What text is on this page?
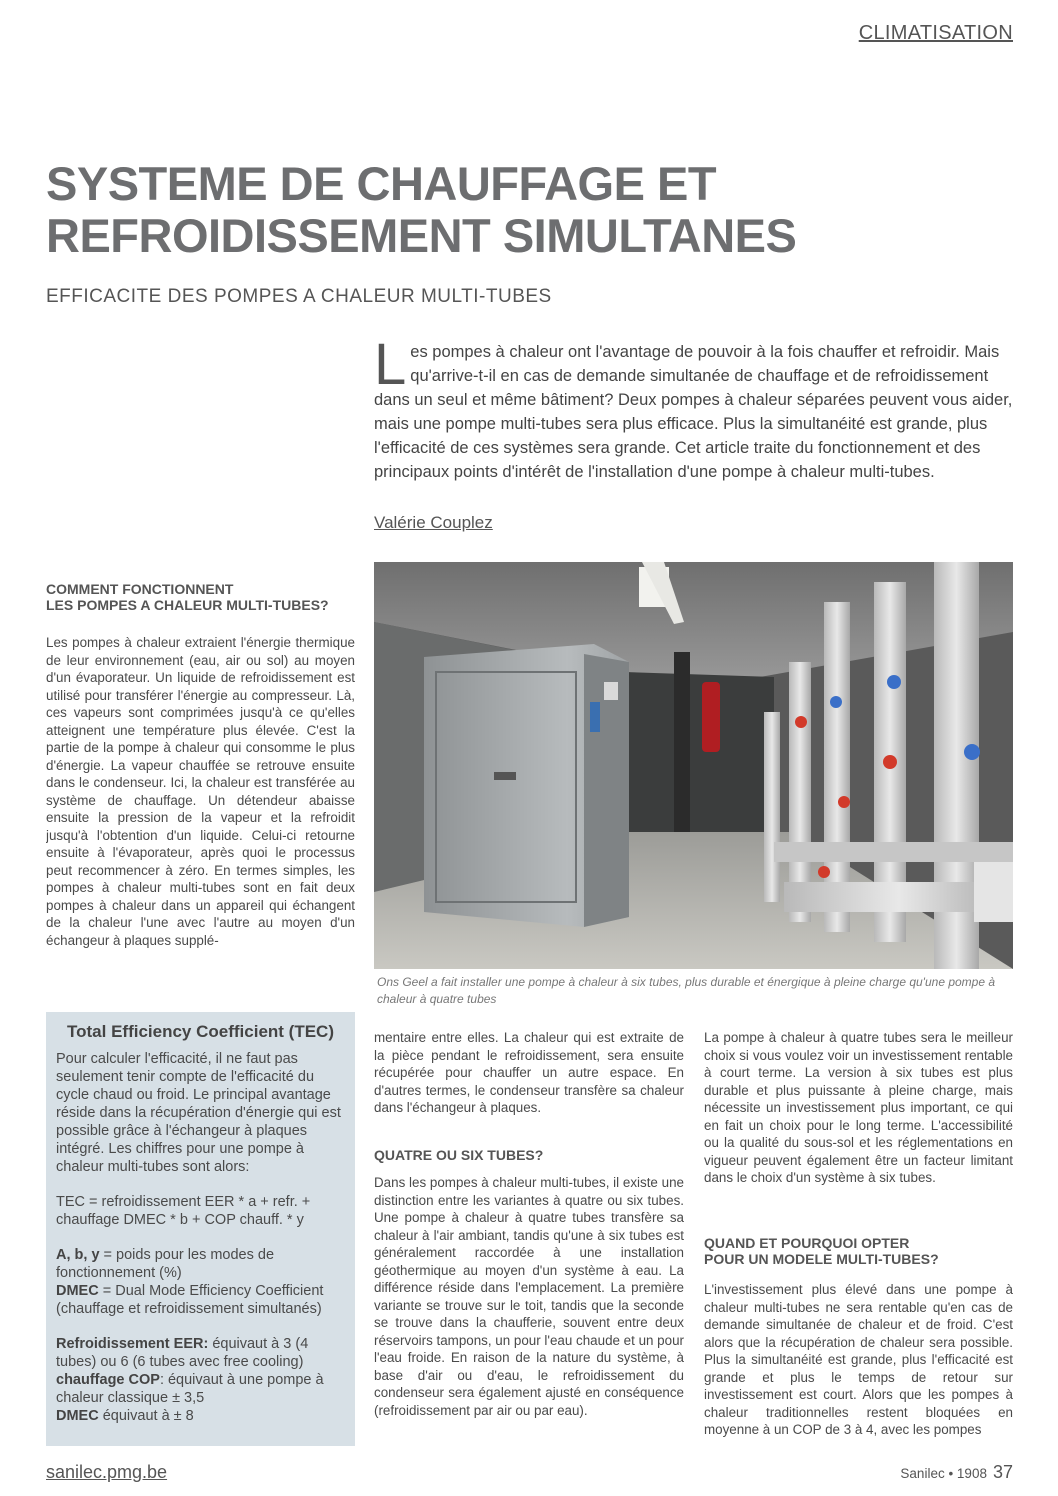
CLIMATISATION
SYSTEME DE CHAUFFAGE ET
REFROIDISSEMENT SIMULTANES
EFFICACITE DES POMPES A CHALEUR MULTI-TUBES
L es pompes à chaleur ont l'avantage de pouvoir à la fois chauffer et refroidir. Mais qu'arrive-t-il en cas de demande simultanée de chauffage et de refroidissement dans un seul et même bâtiment? Deux pompes à chaleur séparées peuvent vous aider, mais une pompe multi-tubes sera plus efficace. Plus la simultanéité est grande, plus l'efficacité de ces systèmes sera grande. Cet article traite du fonctionnement et des principaux points d'intérêt de l'installation d'une pompe à chaleur multi-tubes.
Valérie Couplez
COMMENT FONCTIONNENT
LES POMPES A CHALEUR MULTI-TUBES?
Les pompes à chaleur extraient l'énergie thermique de leur environnement (eau, air ou sol) au moyen d'un évaporateur. Un liquide de refroidissement est utilisé pour transférer l'énergie au compresseur. Là, ces vapeurs sont comprimées jusqu'à ce qu'elles atteignent une température plus élevée. C'est la partie de la pompe à chaleur qui consomme le plus d'énergie. La vapeur chauffée se retrouve ensuite dans le condenseur. Ici, la chaleur est transférée au système de chauffage. Un détendeur abaisse ensuite la pression de la vapeur et la refroidit jusqu'à l'obtention d'un liquide. Celui-ci retourne ensuite à l'évaporateur, après quoi le processus peut recommencer à zéro. En termes simples, les pompes à chaleur multi-tubes sont en fait deux pompes à chaleur dans un appareil qui échangent de la chaleur l'une avec l'autre au moyen d'un échangeur à plaques supplé-
Ons Geel a fait installer une pompe à chaleur à six tubes, plus durable et énergique à pleine charge qu'une pompe à chaleur à quatre tubes
Total Efficiency Coefficient (TEC)

Pour calculer l'efficacité, il ne faut pas seulement tenir compte de l'efficacité du cycle chaud ou froid. Le principal avantage réside dans la récupération d'énergie qui est possible grâce à l'échangeur à plaques intégré. Les chiffres pour une pompe à chaleur multi-tubes sont alors:

TEC = refroidissement EER * a + refr. + chauffage DMEC * b + COP chauff. * y

A, b, y = poids pour les modes de fonctionnement (%)
DMEC = Dual Mode Efficiency Coefficient (chauffage et refroidissement simultanés)

Refroidissement EER: équivaut à 3 (4 tubes) ou 6 (6 tubes avec free cooling)
chauffage COP: équivaut à une pompe à chaleur classique ± 3,5
DMEC équivaut à ± 8

mentaire entre elles. La chaleur qui est extraite de la pièce pendant le refroidissement, sera ensuite récupérée pour chauffer un autre espace. En d'autres termes, le condenseur transfère sa chaleur dans l'échangeur à plaques.
QUATRE OU SIX TUBES?
Dans les pompes à chaleur multi-tubes, il existe une distinction entre les variantes à quatre ou six tubes. Une pompe à chaleur à quatre tubes transfère sa chaleur à l'air ambiant, tandis qu'une à six tubes est généralement raccordée à une installation géothermique au moyen d'un système à eau. La différence réside dans l'emplacement. La première variante se trouve sur le toit, tandis que la seconde se trouve dans la chaufferie, souvent entre deux réservoirs tampons, un pour l'eau chaude et un pour l'eau froide. En raison de la nature du système, à base d'air ou d'eau, le refroidissement du condenseur sera également ajusté en conséquence (refroidissement par air ou par eau).
La pompe à chaleur à quatre tubes sera le meilleur choix si vous voulez voir un investissement rentable à court terme. La version à six tubes est plus durable et plus puissante à pleine charge, mais nécessite un investissement plus important, ce qui en fait un choix pour le long terme. L'accessibilité ou la qualité du sous-sol et les réglementations en vigueur peuvent également être un facteur limitant dans le choix d'un système à six tubes.
QUAND ET POURQUOI OPTER
POUR UN MODELE MULTI-TUBES?
L'investissement plus élevé dans une pompe à chaleur multi-tubes ne sera rentable qu'en cas de demande simultanée de chaleur et de froid. C'est alors que la récupération de chaleur sera possible. Plus la simultanéité est grande, plus l'efficacité est grande et plus le temps de retour sur investissement est court. Alors que les pompes à chaleur traditionnelles restent bloquées en moyenne à un COP de 3 à 4, avec les pompes
sanilec.pmg.be	Sanilec • 1908 37
